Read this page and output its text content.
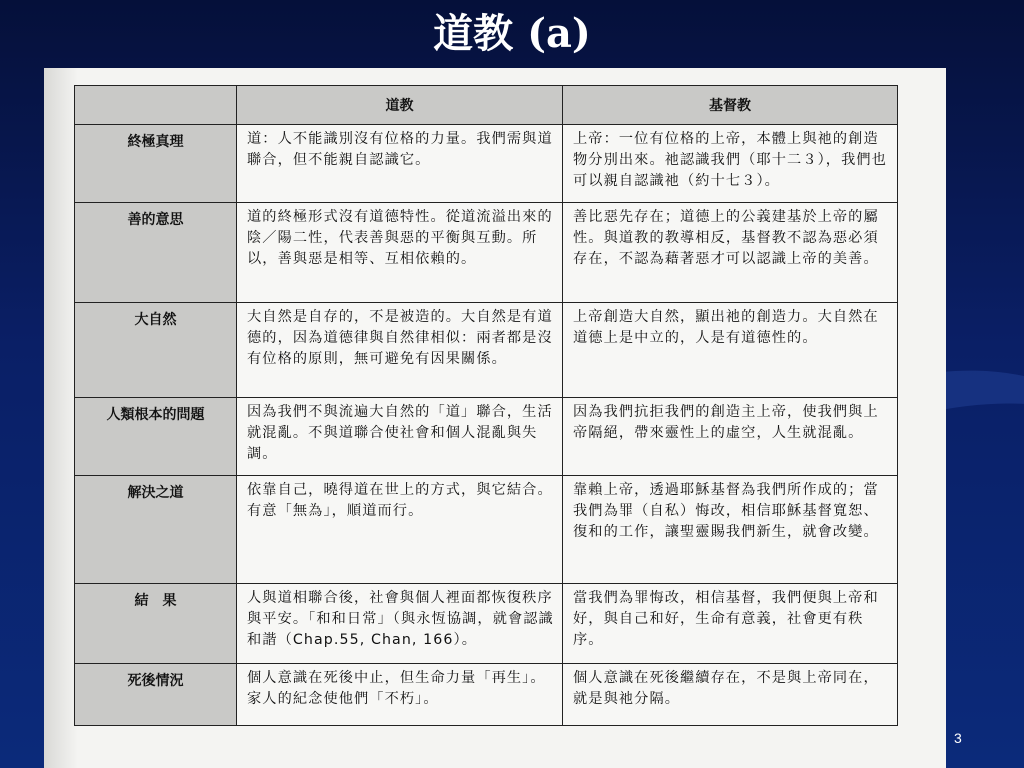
道教 (a)
	道教	基督教
終極真理	道：人不能識別沒有位格的力量。我們需與道聯合，但不能親自認識它。	上帝：一位有位格的上帝，本體上與祂的創造物分別出來。祂認識我們（耶十二３），我們也可以親自認識祂（約十七３）。
善的意思	道的終極形式沒有道德特性。從道流溢出來的陰／陽二性，代表善與惡的平衡與互動。所以，善與惡是相等、互相依賴的。	善比惡先存在；道德上的公義建基於上帝的屬性。與道教的教導相反，基督教不認為惡必須存在，不認為藉著惡才可以認識上帝的美善。
大自然	大自然是自存的，不是被造的。大自然是有道德的，因為道德律與自然律相似：兩者都是沒有位格的原則，無可避免有因果關係。	上帝創造大自然，顯出祂的創造力。大自然在道德上是中立的，人是有道德性的。
人類根本的問題	因為我們不與流遍大自然的「道」聯合，生活就混亂。不與道聯合使社會和個人混亂與失調。	因為我們抗拒我們的創造主上帝，使我們與上帝隔絕，帶來靈性上的虛空，人生就混亂。
解決之道	依靠自己，曉得道在世上的方式，與它結合。有意「無為」，順道而行。	靠賴上帝，透過耶穌基督為我們所作成的；當我們為罪（自私）悔改，相信耶穌基督寬恕、復和的工作，讓聖靈賜我們新生，就會改變。
結　果	人與道相聯合後，社會與個人裡面都恢復秩序與平安。「和和日常」（與永恆協調，就會認識和諧（Chap.55, Chan, 166）。	當我們為罪悔改，相信基督，我們便與上帝和好，與自己和好，生命有意義，社會更有秩序。
死後情況	個人意識在死後中止，但生命力量「再生」。家人的紀念使他們「不朽」。	個人意識在死後繼續存在，不是與上帝同在，就是與祂分隔。
3
